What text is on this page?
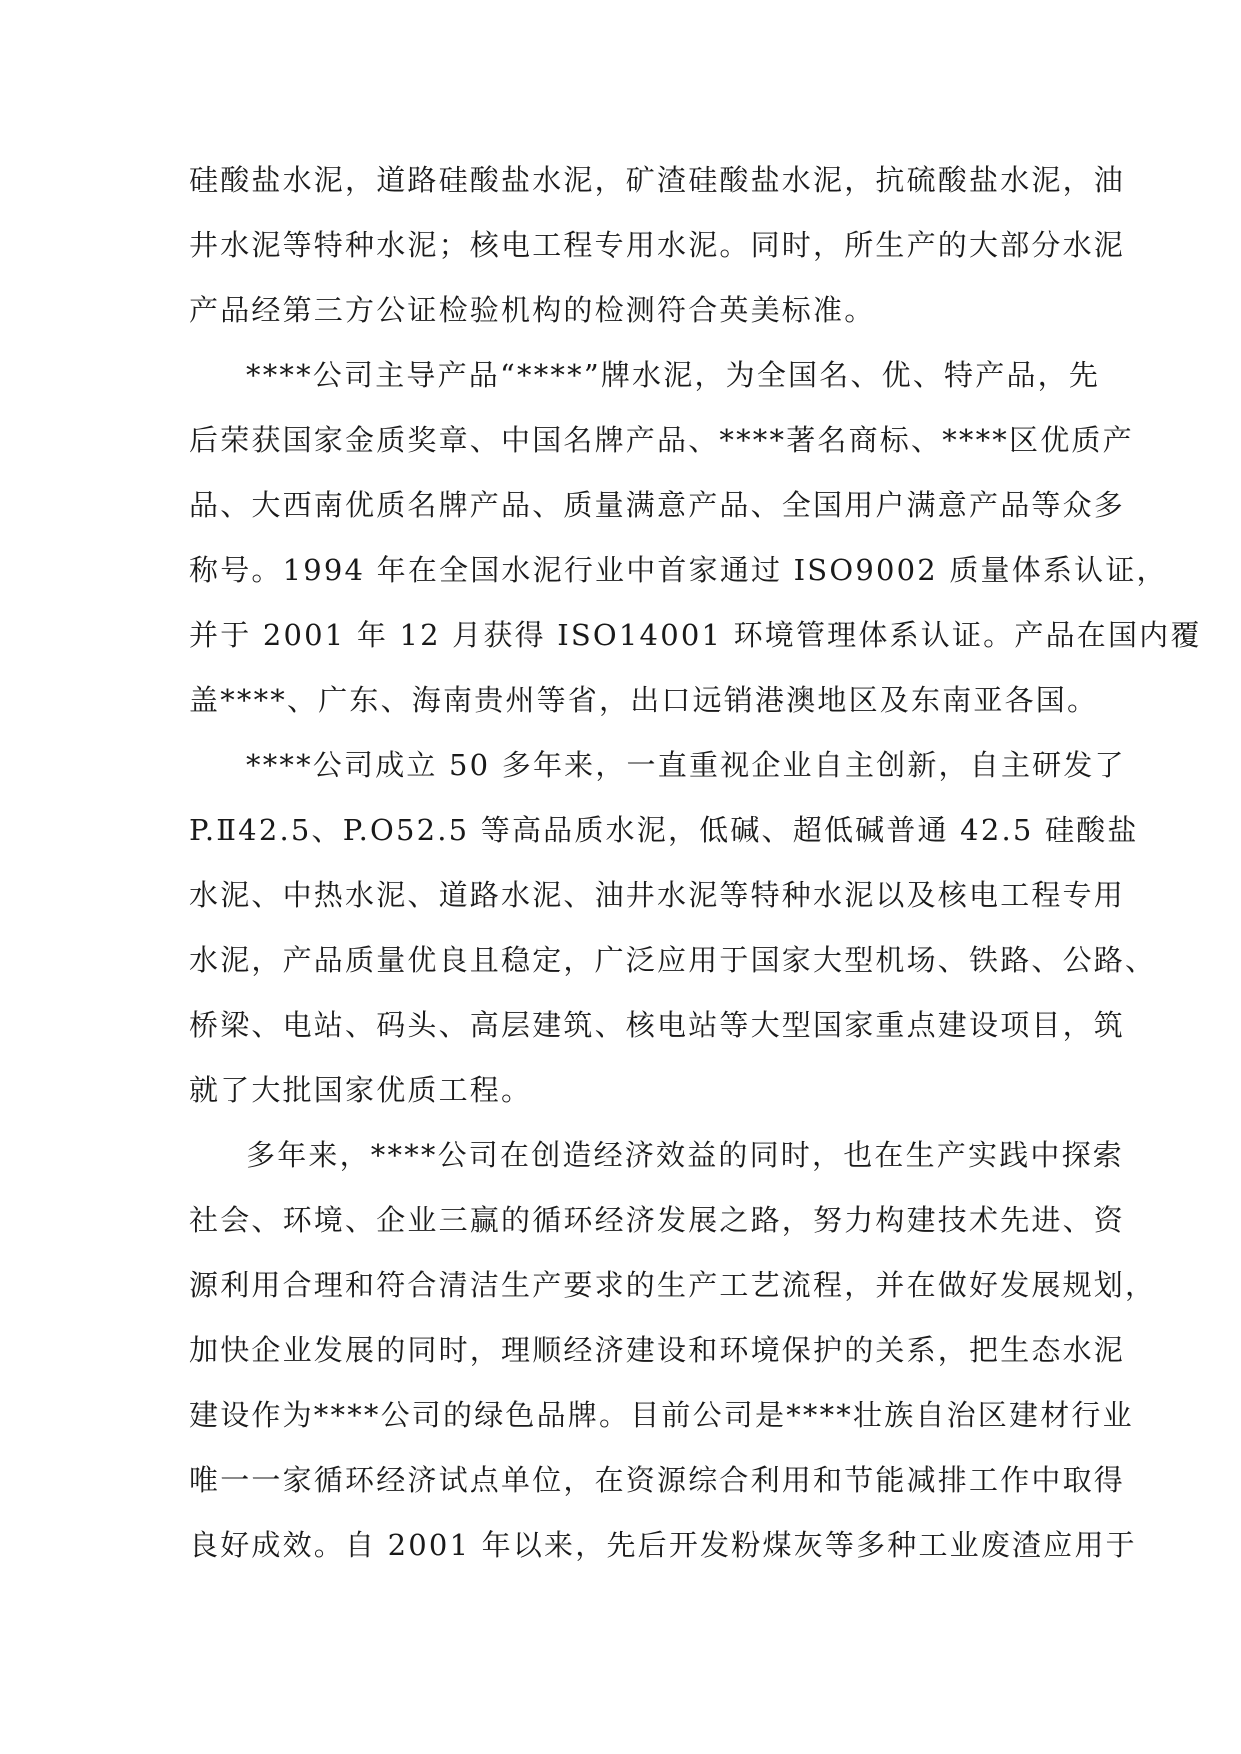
硅酸盐水泥，道路硅酸盐水泥，矿渣硅酸盐水泥，抗硫酸盐水泥，油
井水泥等特种水泥；核电工程专用水泥。同时，所生产的大部分水泥
产品经第三方公证检验机构的检测符合英美标准。
****公司主导产品“****”牌水泥，为全国名、优、特产品，先
后荣获国家金质奖章、中国名牌产品、****著名商标、****区优质产
品、大西南优质名牌产品、质量满意产品、全国用户满意产品等众多
称号。1994 年在全国水泥行业中首家通过 ISO9002 质量体系认证，
并于 2001 年 12 月获得 ISO14001 环境管理体系认证。产品在国内覆
盖****、广东、海南贵州等省，出口远销港澳地区及东南亚各国。
****公司成立 50 多年来，一直重视企业自主创新，自主研发了
P.Ⅱ42.5、P.O52.5 等高品质水泥，低碱、超低碱普通 42.5 硅酸盐
水泥、中热水泥、道路水泥、油井水泥等特种水泥以及核电工程专用
水泥，产品质量优良且稳定，广泛应用于国家大型机场、铁路、公路、
桥梁、电站、码头、高层建筑、核电站等大型国家重点建设项目，筑
就了大批国家优质工程。
多年来，****公司在创造经济效益的同时，也在生产实践中探索
社会、环境、企业三赢的循环经济发展之路，努力构建技术先进、资
源利用合理和符合清洁生产要求的生产工艺流程，并在做好发展规划，
加快企业发展的同时，理顺经济建设和环境保护的关系，把生态水泥
建设作为****公司的绿色品牌。目前公司是****壮族自治区建材行业
唯一一家循环经济试点单位，在资源综合利用和节能减排工作中取得
良好成效。自 2001 年以来，先后开发粉煤灰等多种工业废渣应用于
